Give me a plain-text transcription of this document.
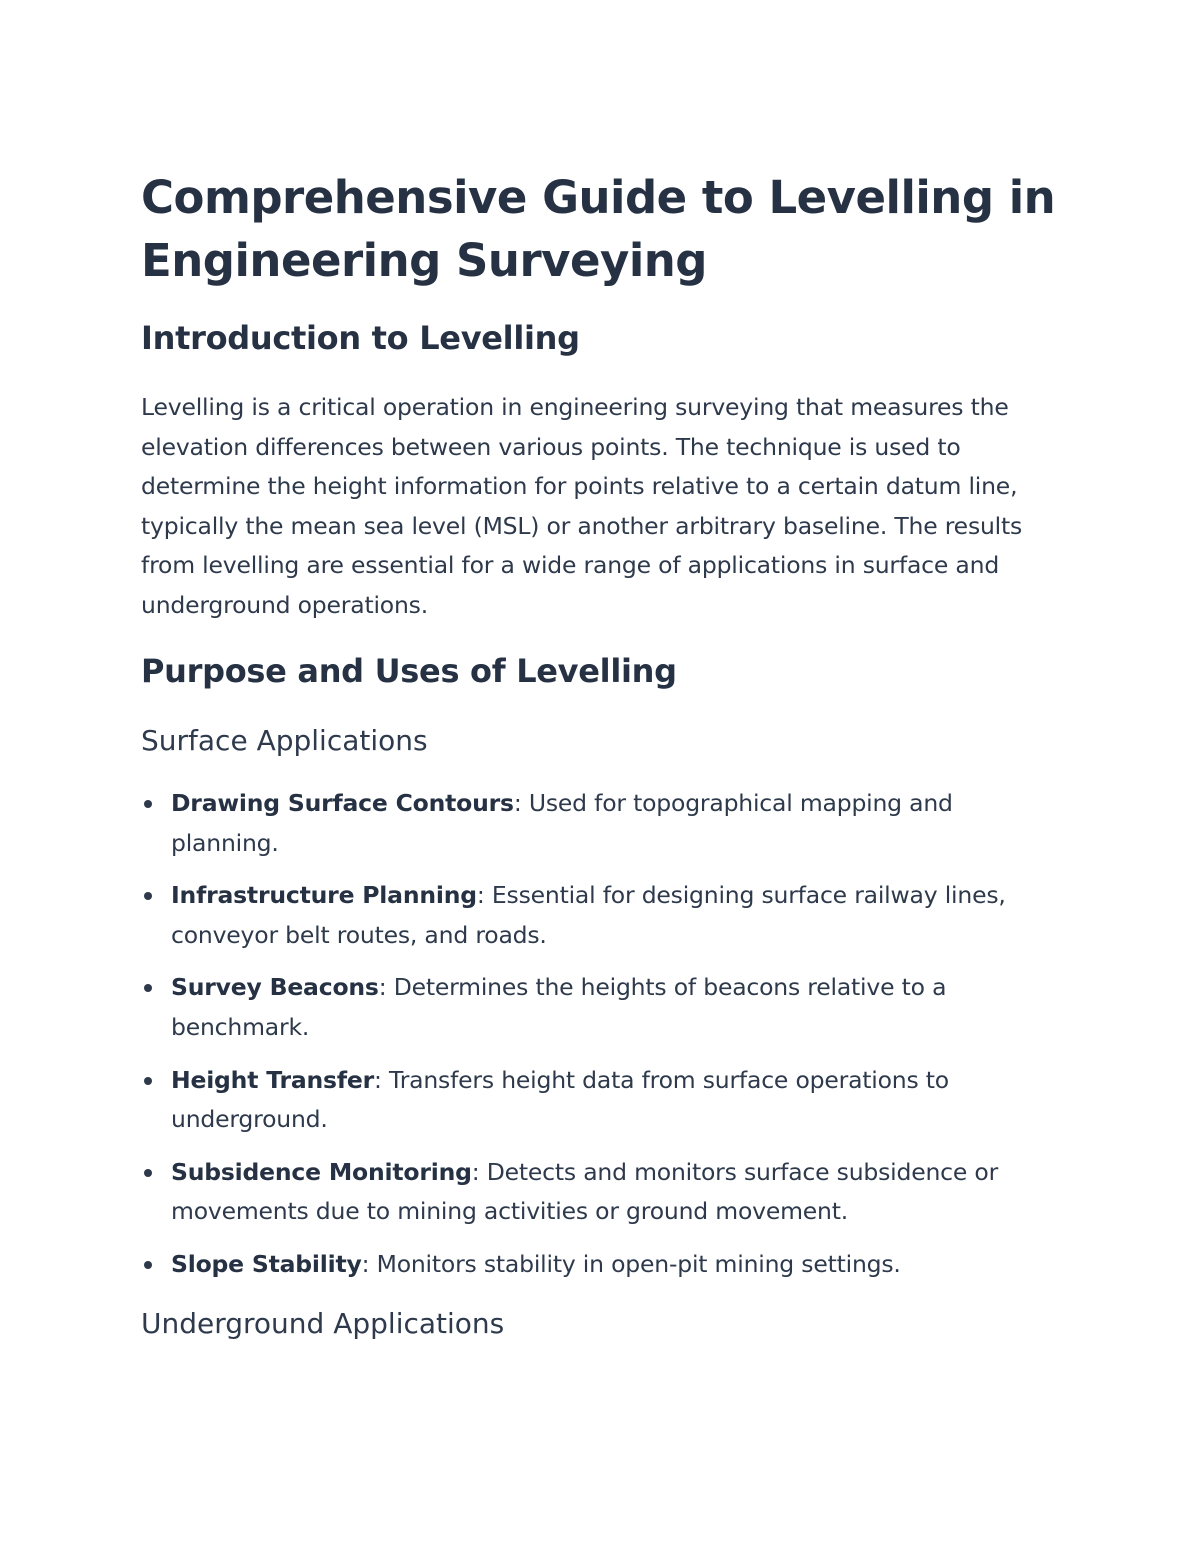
Comprehensive Guide to Levelling in Engineering Surveying
Introduction to Levelling

Levelling is a critical operation in engineering surveying that measures the elevation differences between various points. The technique is used to determine the height information for points relative to a certain datum line, typically the mean sea level (MSL) or another arbitrary baseline. The results from levelling are essential for a wide range of applications in surface and underground operations.

Purpose and Uses of Levelling
Surface Applications
Drawing Surface Contours: Used for topographical mapping and planning.
Infrastructure Planning: Essential for designing surface railway lines, conveyor belt routes, and roads.
Survey Beacons: Determines the heights of beacons relative to a benchmark.
Height Transfer: Transfers height data from surface operations to underground.
Subsidence Monitoring: Detects and monitors surface subsidence or movements due to mining activities or ground movement.
Slope Stability: Monitors stability in open-pit mining settings.
Underground Applications
